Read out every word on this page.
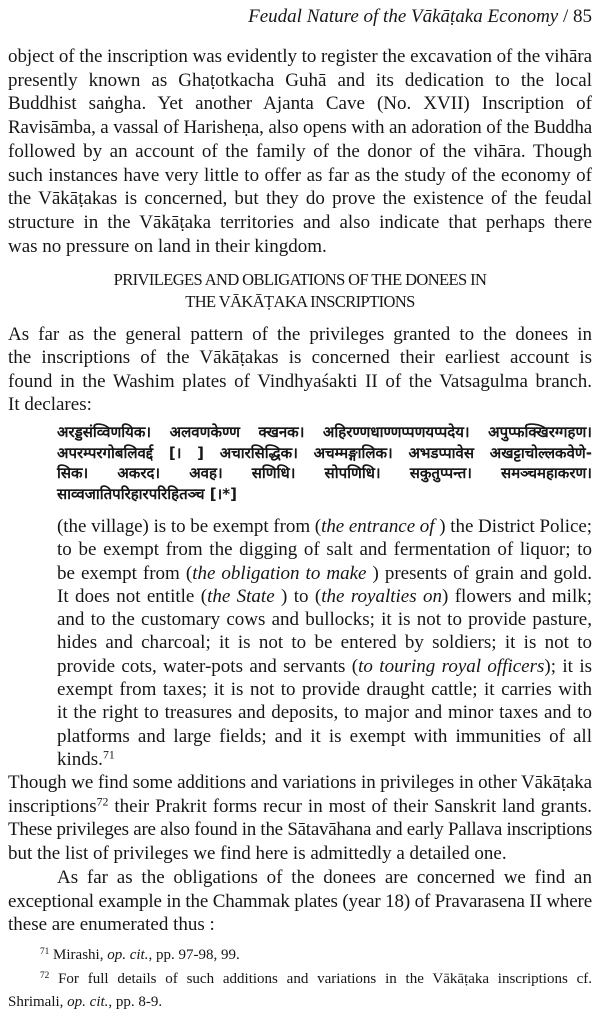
Feudal Nature of the Vākāṭaka Economy / 85
object of the inscription was evidently to register the excavation of the vihāra
presently known as Ghaṭotkacha Guhā and its dedication to the local
Buddhist saṅgha. Yet another Ajanta Cave (No. XVII) Inscription of
Ravisāmba, a vassal of Harisheṇa, also opens with an adoration of the Buddha
followed by an account of the family of the donor of the vihāra. Though
such instances have very little to offer as far as the study of the economy of
the Vākāṭakas is concerned, but they do prove the existence of the feudal
structure in the Vākāṭaka territories and also indicate that perhaps there
was no pressure on land in their kingdom.
PRIVILEGES AND OBLIGATIONS OF THE DONEES IN
THE VĀKĀṬAKA INSCRIPTIONS
As far as the general pattern of the privileges granted to the donees in
the inscriptions of the Vākāṭakas is concerned their earliest account is
found in the Washim plates of Vindhyaśakti II of the Vatsagulma branch.
It declares:
अरड्डसंव्विणयिक। अलवणकेण्ण क्खनक। अहिरण्णधाण्णप्पणयप्पदेय। अपुप्फक्खिरग्गहण।
अपरम्परगोबलिवर्द्द [। ] अचारसिद्धिक। अचम्मङ्गालिक। अभडप्पावेस अखट्टाचोल्लकवेणे-
सिक। अकरद। अवह। सणिधि। सोपणिधि। सकुतुप्पन्त। समञ्चमहाकरण।
साव्वजातिपरिहारपरिहितञ्च [।*]
(the village) is to be exempt from (the entrance of ) the District Police;
to be exempt from the digging of salt and fermentation of liquor; to
be exempt from (the obligation to make ) presents of grain and gold.
It does not entitle (the State ) to (the royalties on) flowers and milk;
and to the customary cows and bullocks; it is not to provide pasture,
hides and charcoal; it is not to be entered by soldiers; it is not to
provide cots, water-pots and servants (to touring royal officers); it is
exempt from taxes; it is not to provide draught cattle; it carries with
it the right to treasures and deposits, to major and minor taxes and to
platforms and large fields; and it is exempt with immunities of all
kinds.$^{71}$
Though we find some additions and variations in privileges in other Vākāṭaka
inscriptions$^{72}$ their Prakrit forms recur in most of their Sanskrit land grants.
These privileges are also found in the Sātavāhana and early Pallava inscriptions
but the list of privileges we find here is admittedly a detailed one.
As far as the obligations of the donees are concerned we find an
exceptional example in the Chammak plates (year 18) of Pravarasena II where
these are enumerated thus :
$^{71}$ Mirashi, op. cit., pp. 97-98, 99.
$^{72}$ For full details of such additions and variations in the Vākāṭaka inscriptions cf.
Shrimali, op. cit., pp. 8-9.
